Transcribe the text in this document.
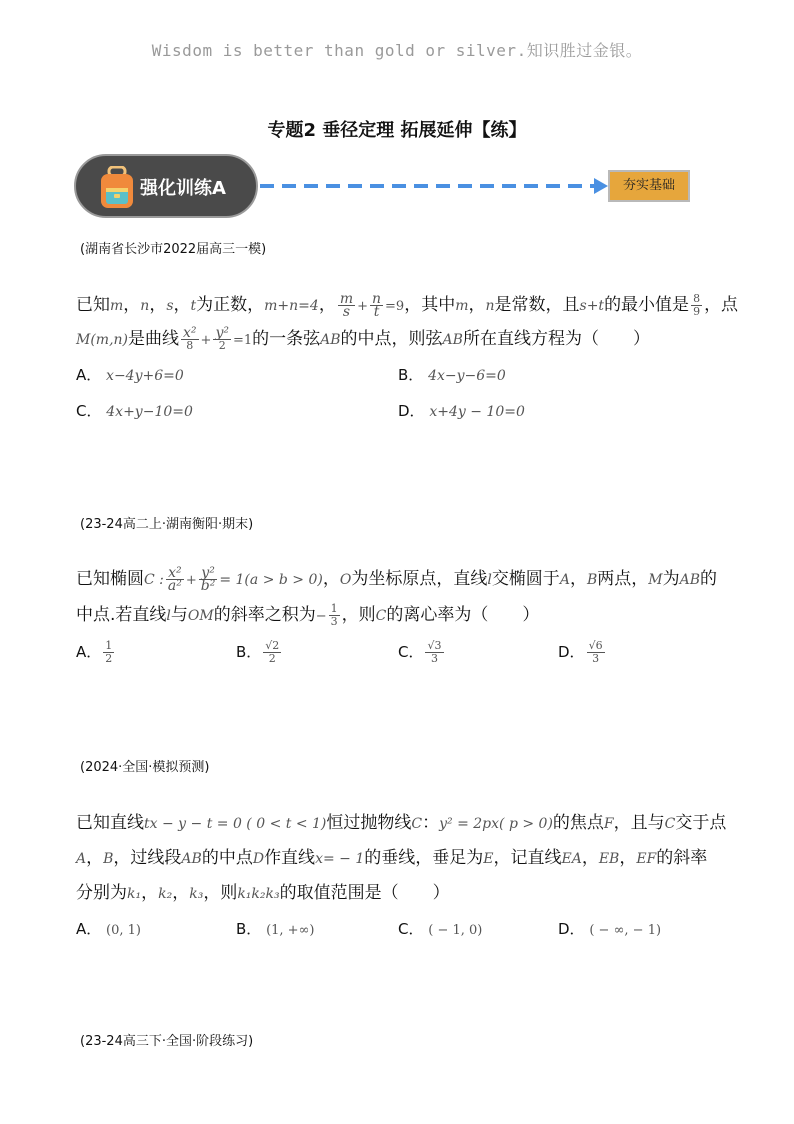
Wisdom is better than gold or silver.知识胜过金银。
专题2 垂径定理 拓展延伸【练】
强化训练A	夯实基础
(湖南省长沙市2022届高三一模)
已知m，n，s，t为正数，m+n=4， $\frac{m}{s} + \frac{n}{t} =9$，其中m，n是常数，且s+t的最小值是 $\frac{8}{9}$ ，点
M(m,n)是曲线 $\frac{\text{x²}}{8} + \frac{\text{y²}}{2} =1$的一条弦AB的中点，则弦AB所在直线方程为（　　）
A． x−4y+6=0	B． 4x−y−6=0
C． 4x+y−10=0	D． x+4y − 10=0
(23-24高二上·湖南衡阳·期末)
已知椭圆C : $\frac{\text{x²}}{\text{a²}} + \frac{\text{y²}}{\text{b²}} = 1(a > b > 0)$，O为坐标原点，直线l交椭圆于A，B两点，M为AB的
中点.若直线l与OM的斜率之积为− $\frac{1}{3}$ ，则C的离心率为（　　）
A． $\frac{1}{2}$	B． $\frac{√2}{2}$	C． $\frac{√3}{3}$	D． $\frac{√6}{3}$
(2024·全国·模拟预测)
已知直线tx − y − t = 0 ( 0 < t < 1)恒过抛物线C：y² = 2px( p > 0)的焦点F，且与C交于点
A，B，过线段AB的中点D作直线x= − 1的垂线，垂足为E，记直线EA，EB，EF的斜率
分别为k₁，k₂，k₃，则k₁k₂k₃的取值范围是（　　）
A． (0, 1)	B． (1, +∞)	C． ( − 1, 0)	D． ( − ∞, − 1)
(23-24高三下·全国·阶段练习)
